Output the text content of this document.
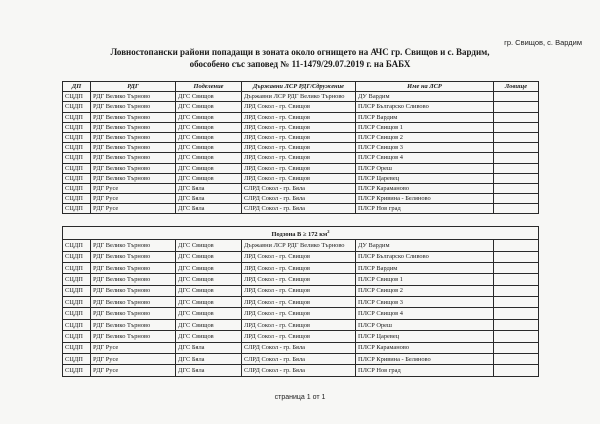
гр. Свищов, с. Вардим
Ловностопански райони попадащи в зоната около огнището на АЧС гр. Свищов и с. Вардим,
обособено със заповед № 11-1479/29.07.2019 г. на БАБХ
ДП	РДГ	Поделение	Държавни ЛСР РДГ/Сдружение	Име на ЛСР	Ловище
СЦДП	РДГ Велико Търново	ДГС Свищов	Държавни ЛСР РДГ Велико Търново	ДУ Вардим	
СЦДП	РДГ Велико Търново	ДГС Свищов	ЛРД Сокол - гр. Свищов	ПЛСР Българско Сливово	
СЦДП	РДГ Велико Търново	ДГС Свищов	ЛРД Сокол - гр. Свищов	ПЛСР Вардим	
СЦДП	РДГ Велико Търново	ДГС Свищов	ЛРД Сокол - гр. Свищов	ПЛСР Свищов 1	
СЦДП	РДГ Велико Търново	ДГС Свищов	ЛРД Сокол - гр. Свищов	ПЛСР Свищов 2	
СЦДП	РДГ Велико Търново	ДГС Свищов	ЛРД Сокол - гр. Свищов	ПЛСР Свищов 3	
СЦДП	РДГ Велико Търново	ДГС Свищов	ЛРД Сокол - гр. Свищов	ПЛСР Свищов 4	
СЦДП	РДГ Велико Търново	ДГС Свищов	ЛРД Сокол - гр. Свищов	ПЛСР Ореш	
СЦДП	РДГ Велико Търново	ДГС Свищов	ЛРД Сокол - гр. Свищов	ПЛСР Царевец	
СЦДП	РДГ Русе	ДГС Бяла	СЛРД Сокол - гр. Бяла	ПЛСР Караманово	
СЦДП	РДГ Русе	ДГС Бяла	СЛРД Сокол - гр. Бяла	ПЛСР Кривина - Беляново	
СЦДП	РДГ Русе	ДГС Бяла	СЛРД Сокол - гр. Бяла	ПЛСР Нов град	
Подзона B ≥ 172 $км^2$
СЦДП	РДГ Велико Търново	ДГС Свищов	Държавни ЛСР РДГ Велико Търново	ДУ Вардим	
СЦДП	РДГ Велико Търново	ДГС Свищов	ЛРД Сокол - гр. Свищов	ПЛСР Българско Сливово	
СЦДП	РДГ Велико Търново	ДГС Свищов	ЛРД Сокол - гр. Свищов	ПЛСР Вардим	
СЦДП	РДГ Велико Търново	ДГС Свищов	ЛРД Сокол - гр. Свищов	ПЛСР Свищов 1	
СЦДП	РДГ Велико Търново	ДГС Свищов	ЛРД Сокол - гр. Свищов	ПЛСР Свищов 2	
СЦДП	РДГ Велико Търново	ДГС Свищов	ЛРД Сокол - гр. Свищов	ПЛСР Свищов 3	
СЦДП	РДГ Велико Търново	ДГС Свищов	ЛРД Сокол - гр. Свищов	ПЛСР Свищов 4	
СЦДП	РДГ Велико Търново	ДГС Свищов	ЛРД Сокол - гр. Свищов	ПЛСР Ореш	
СЦДП	РДГ Велико Търново	ДГС Свищов	ЛРД Сокол - гр. Свищов	ПЛСР Царевец	
СЦДП	РДГ Русе	ДГС Бяла	СЛРД Сокол - гр. Бяла	ПЛСР Караманово	
СЦДП	РДГ Русе	ДГС Бяла	СЛРД Сокол - гр. Бяла	ПЛСР Кривина - Беляново	
СЦДП	РДГ Русе	ДГС Бяла	СЛРД Сокол - гр. Бяла	ПЛСР Нов град	
страница 1 от 1
